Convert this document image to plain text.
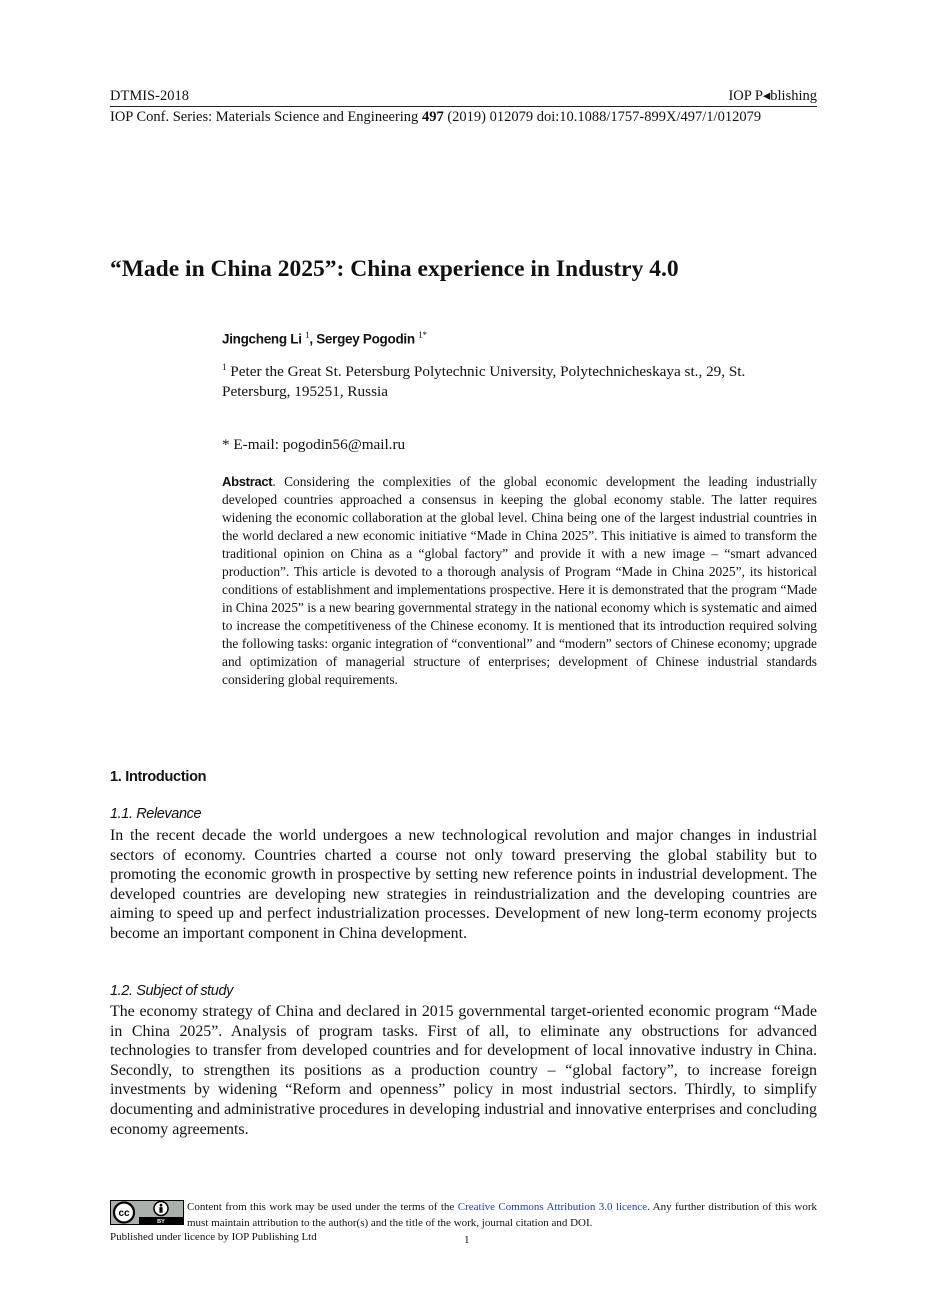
DTMIS-2018	IOP P◂blishing
IOP Conf. Series: Materials Science and Engineering 497 (2019) 012079 doi:10.1088/1757-899X/497/1/012079
“Made in China 2025”: China experience in Industry 4.0
Jingcheng Li $^1$, Sergey Pogodin $^{1*}$
$^1$ Peter the Great St. Petersburg Polytechnic University, Polytechnicheskaya st., 29, St. Petersburg, 195251, Russia
* E-mail: pogodin56@mail.ru
Abstract. Considering the complexities of the global economic development the leading industrially developed countries approached a consensus in keeping the global economy stable. The latter requires widening the economic collaboration at the global level. China being one of the largest industrial countries in the world declared a new economic initiative “Made in China 2025”. This initiative is aimed to transform the traditional opinion on China as a “global factory” and provide it with a new image – “smart advanced production”. This article is devoted to a thorough analysis of Program “Made in China 2025”, its historical conditions of establishment and implementations prospective. Here it is demonstrated that the program “Made in China 2025” is a new bearing governmental strategy in the national economy which is systematic and aimed to increase the competitiveness of the Chinese economy. It is mentioned that its introduction required solving the following tasks: organic integration of “conventional” and “modern” sectors of Chinese economy; upgrade and optimization of managerial structure of enterprises; development of Chinese industrial standards considering global requirements.
1. Introduction
1.1. Relevance
In the recent decade the world undergoes a new technological revolution and major changes in industrial sectors of economy. Countries charted a course not only toward preserving the global stability but to promoting the economic growth in prospective by setting new reference points in industrial development. The developed countries are developing new strategies in reindustrialization and the developing countries are aiming to speed up and perfect industrialization processes. Development of new long-term economy projects become an important component in China development.
1.2. Subject of study
The economy strategy of China and declared in 2015 governmental target-oriented economic program “Made in China 2025”. Analysis of program tasks. First of all, to eliminate any obstructions for advanced technologies to transfer from developed countries and for development of local innovative industry in China. Secondly, to strengthen its positions as a production country – “global factory”, to increase foreign investments by widening “Reform and openness” policy in most industrial sectors. Thirdly, to simplify documenting and administrative procedures in developing industrial and innovative enterprises and concluding economy agreements.
cc
BY
Content from this work may be used under the terms of the Creative Commons Attribution 3.0 licence. Any further distribution of this work must maintain attribution to the author(s) and the title of the work, journal citation and DOI.
Published under licence by IOP Publishing Ltd	1
